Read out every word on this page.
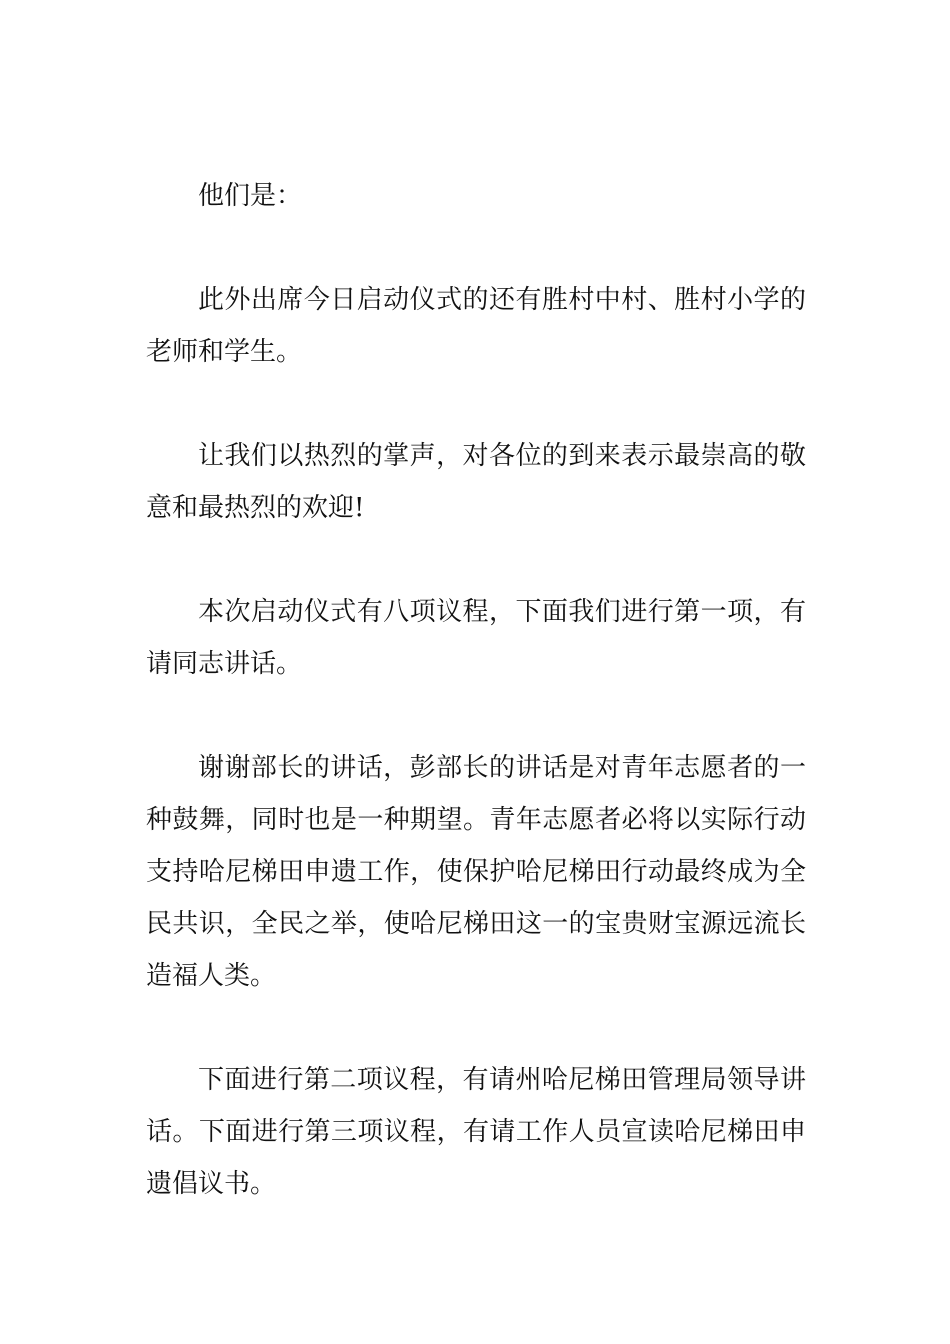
他们是：

此外出席今日启动仪式的还有胜村中村、胜村小学的老师和学生。

让我们以热烈的掌声，对各位的到来表示最崇高的敬意和最热烈的欢迎!

本次启动仪式有八项议程，下面我们进行第一项，有请同志讲话。

谢谢部长的讲话，彭部长的讲话是对青年志愿者的一种鼓舞，同时也是一种期望。青年志愿者必将以实际行动支持哈尼梯田申遗工作，使保护哈尼梯田行动最终成为全民共识，全民之举，使哈尼梯田这一的宝贵财宝源远流长造福人类。

下面进行第二项议程，有请州哈尼梯田管理局领导讲话。下面进行第三项议程，有请工作人员宣读哈尼梯田申遗倡议书。
